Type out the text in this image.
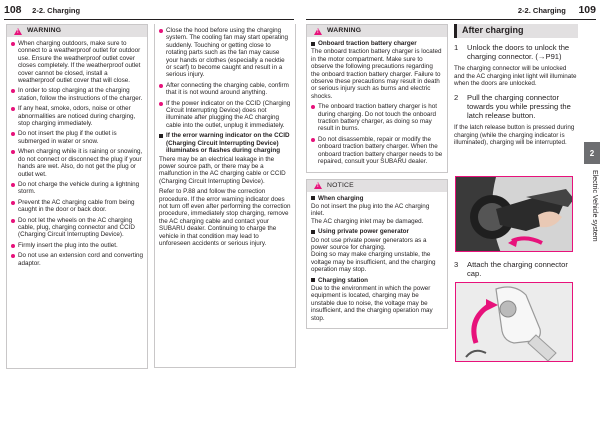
108 2-2. Charging	2-2. Charging 109
!
WARNING
When charging outdoors, make sure to connect to a weatherproof outlet for outdoor use. Ensure the weatherproof outlet cover closes completely. If the weatherproof outlet cover cannot be closed, install a weatherproof outlet cover that will close.
In order to stop charging at the charging station, follow the instructions of the charger.
If any heat, smoke, odors, noise or other abnormalities are noticed during charging, stop charging immediately.
Do not insert the plug if the outlet is submerged in water or snow.
When charging while it is raining or snowing, do not connect or disconnect the plug if your hands are wet. Also, do not get the plug or outlet wet.
Do not charge the vehicle during a lightning storm.
Prevent the AC charging cable from being caught in the door or back door.
Do not let the wheels on the AC charging cable, plug, charging connector and CCID (Charging Circuit Interrupting Device).
Firmly insert the plug into the outlet.
Do not use an extension cord and converting adaptor.
Close the hood before using the charging system. The cooling fan may start operating suddenly. Touching or getting close to rotating parts such as the fan may cause your hands or clothes (especially a necktie or scarf) to become caught and result in a serious injury.
After connecting the charging cable, confirm that it is not wound around anything.
If the power indicator on the CCID (Charging Circuit Interrupting Device) does not illuminate after plugging the AC charging cable into the outlet, unplug it immediately.
If the error warning indicator on the CCID (Charging Circuit Interrupting Device) illuminates or flashes during charging
There may be an electrical leakage in the power source path, or there may be a malfunction in the AC charging cable or CCID (Charging Circuit Interrupting Device).
Refer to P.88 and follow the correction procedure. If the error warning indicator does not turn off even after performing the correction procedure, immediately stop charging, remove the AC charging cable and contact your SUBARU dealer. Continuing to charge the vehicle in that condition may lead to unforeseen accidents or serious injury.
!
WARNING
Onboard traction battery charger
The onboard traction battery charger is located in the motor compartment. Make sure to observe the following precautions regarding the onboard traction battery charger. Failure to observe these precautions may result in death or serious injury such as burns and electric shocks.
The onboard traction battery charger is hot during charging. Do not touch the onboard traction battery charger, as doing so may result in burns.
Do not disassemble, repair or modify the onboard traction battery charger. When the onboard traction battery charger needs to be repaired, consult your SUBARU dealer.
!
NOTICE
When charging
Do not insert the plug into the AC charging inlet.
The AC charging inlet may be damaged.
Using private power generator
Do not use private power generators as a power source for charging.
Doing so may make charging unstable, the voltage may be insufficient, and the charging operation may stop.
Charging station
Due to the environment in which the power equipment is located, charging may be unstable due to noise, the voltage may be insufficient, and the charging operation may stop.
After charging
1	Unlock the doors to unlock the charging connector. (→P91)
The charging connector will be unlocked and the AC charging inlet light will illuminate when the doors are unlocked.
2	Pull the charging connector towards you while pressing the latch release button.
If the latch release button is pressed during charging (while the charging indicator is illuminated), charging will be interrupted.
3	Attach the charging connector cap.
2
Electric Vehicle system
